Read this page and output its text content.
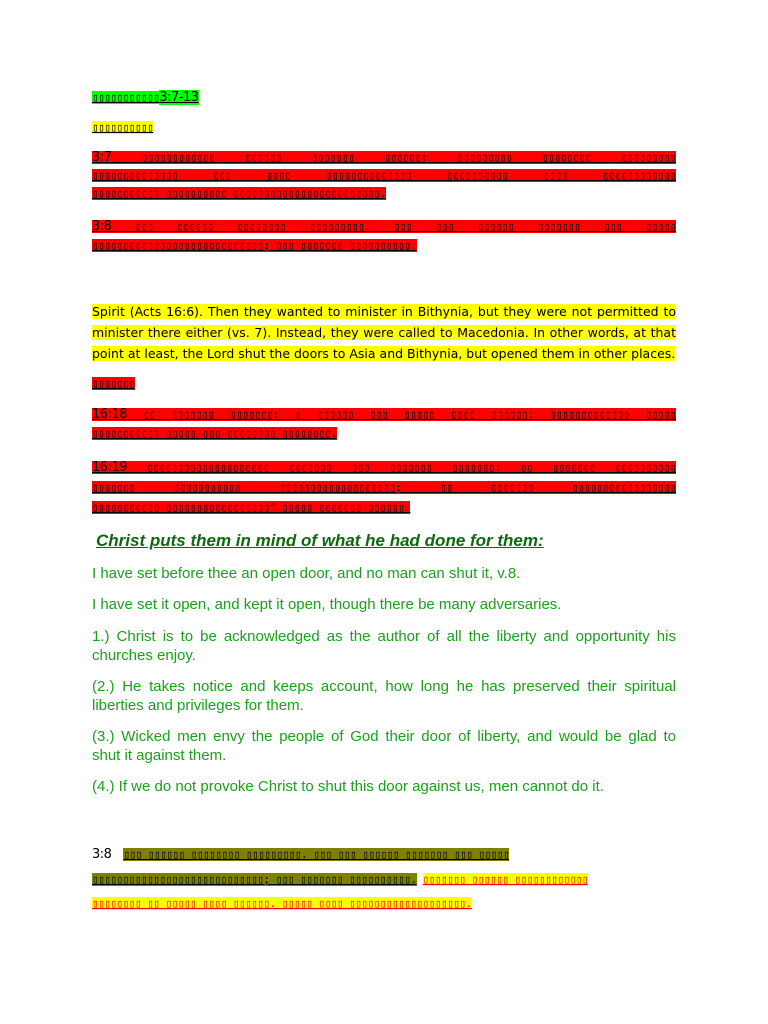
▯▯▯▯▯▯▯▯▯▯▯3:7-13
▯▯▯▯▯▯▯▯▯▯
3:7	▯▯▯▯▯▯▯▯▯▯▯▯ ▯▯▯▯▯▯ ▯▯▯▯▯▯▯ ▯▯▯▯▯▯: ▯▯▯▯▯▯▯▯▯ ▯▯▯▯▯▯▯▯ ▯▯▯▯▯▯▯▯▯
▯▯▯▯▯▯▯▯▯▯▯▯▯▯ ▯▯▯ ▯▯▯▯ ▯▯▯▯▯▯▯▯▯▯▯▯▯▯ ▯▯▯▯▯▯▯▯▯▯ ▯▯▯▯ ▯▯▯▯▯▯▯▯▯▯▯▯
▯▯▯▯▯▯▯▯▯▯▯ ▯▯▯▯▯▯▯▯▯▯ ▯▯▯▯▯▯▯▯▯▯▯▯▯▯▯▯▯▯▯▯▯▯▯▯.
3:8 ▯▯▯ ▯▯▯▯▯▯ ▯▯▯▯▯▯▯▯ ▯▯▯▯▯▯▯▯▯. ▯▯▯ ▯▯▯ ▯▯▯▯▯▯ ▯▯▯▯▯▯▯ ▯▯▯ ▯▯▯▯▯
▯▯▯▯▯▯▯▯▯▯▯▯▯▯▯▯▯▯▯▯▯▯▯▯▯▯▯▯; ▯▯▯ ▯▯▯▯▯▯▯ ▯▯▯▯▯▯▯▯▯▯.
Spirit (Acts 16:6). Then they wanted to minister in Bithynia, but they were not permitted to
minister there either (vs. 7). Instead, they were called to Macedonia. In other words, at that
point at least, the Lord shut the doors to Asia and Bithynia, but opened them in other places.
▯▯▯▯▯▯▯
16:18 ▯▯ ▯▯▯▯▯▯▯ ▯▯▯▯▯▯▯: ▯ ▯▯▯▯▯▯ ▯▯▯ ▯▯▯▯▯ ▯▯▯▯ ▯▯▯▯▯▯: ▯▯▯▯▯▯▯▯▯▯▯▯▯ ▯▯▯▯▯
▯▯▯▯▯▯▯▯▯▯▯ ▯▯▯▯▯ ▯▯▯ ▯▯▯▯▯▯▯▯ ▯▯▯▯▯▯▯▯.
16:19 ▯▯▯▯▯▯▯▯▯▯▯▯▯▯▯▯▯▯▯▯ ▯▯▯▯▯▯▯ ▯▯▯ ▯▯▯▯▯▯▯ ▯▯▯▯▯▯▯: ▯▯ ▯▯▯▯▯▯▯ ▯▯▯▯▯▯▯▯▯▯
▯▯▯▯▯▯▯ ▯▯▯▯▯▯▯▯▯▯▯ ▯▯▯▯▯▯▯▯▯▯▯▯▯▯▯▯▯▯▯; ▯▯ ▯▯▯▯▯▯▯ ▯▯▯▯▯▯▯▯▯▯▯▯▯▯▯▯▯
▯▯▯▯▯▯▯▯▯▯▯ ▯▯▯▯▯▯▯▯▯▯▯▯▯▯▯▯▯" ▯▯▯▯▯ ▯▯▯▯▯▯▯ ▯▯▯▯▯▯.
Christ puts them in mind of what he had done for them:
I have set before thee an open door, and no man can shut it, v.8.
I have set it open, and kept it open, though there be many adversaries.
1.) Christ is to be acknowledged as the author of all the liberty and opportunity his
churches enjoy.
(2.) He takes notice and keeps account, how long he has preserved their spiritual
liberties and privileges for them.
(3.) Wicked men envy the people of God their door of liberty, and would be glad to
shut it against them.
(4.) If we do not provoke Christ to shut this door against us, men cannot do it.
3:8 ▯▯▯ ▯▯▯▯▯▯ ▯▯▯▯▯▯▯▯ ▯▯▯▯▯▯▯▯▯. ▯▯▯ ▯▯▯ ▯▯▯▯▯▯ ▯▯▯▯▯▯▯ ▯▯▯ ▯▯▯▯▯
▯▯▯▯▯▯▯▯▯▯▯▯▯▯▯▯▯▯▯▯▯▯▯▯▯▯▯▯; ▯▯▯ ▯▯▯▯▯▯▯ ▯▯▯▯▯▯▯▯▯▯. ▯▯▯▯▯▯▯ ▯▯▯▯▯▯ ▯▯▯▯▯▯▯▯▯▯▯▯
▯▯▯▯▯▯▯▯ ▯▯ ▯▯▯▯▯ ▯▯▯▯ ▯▯▯▯▯▯. ▯▯▯▯▯ ▯▯▯▯ ▯▯▯▯▯▯▯▯▯▯▯▯▯▯▯▯▯▯▯.
